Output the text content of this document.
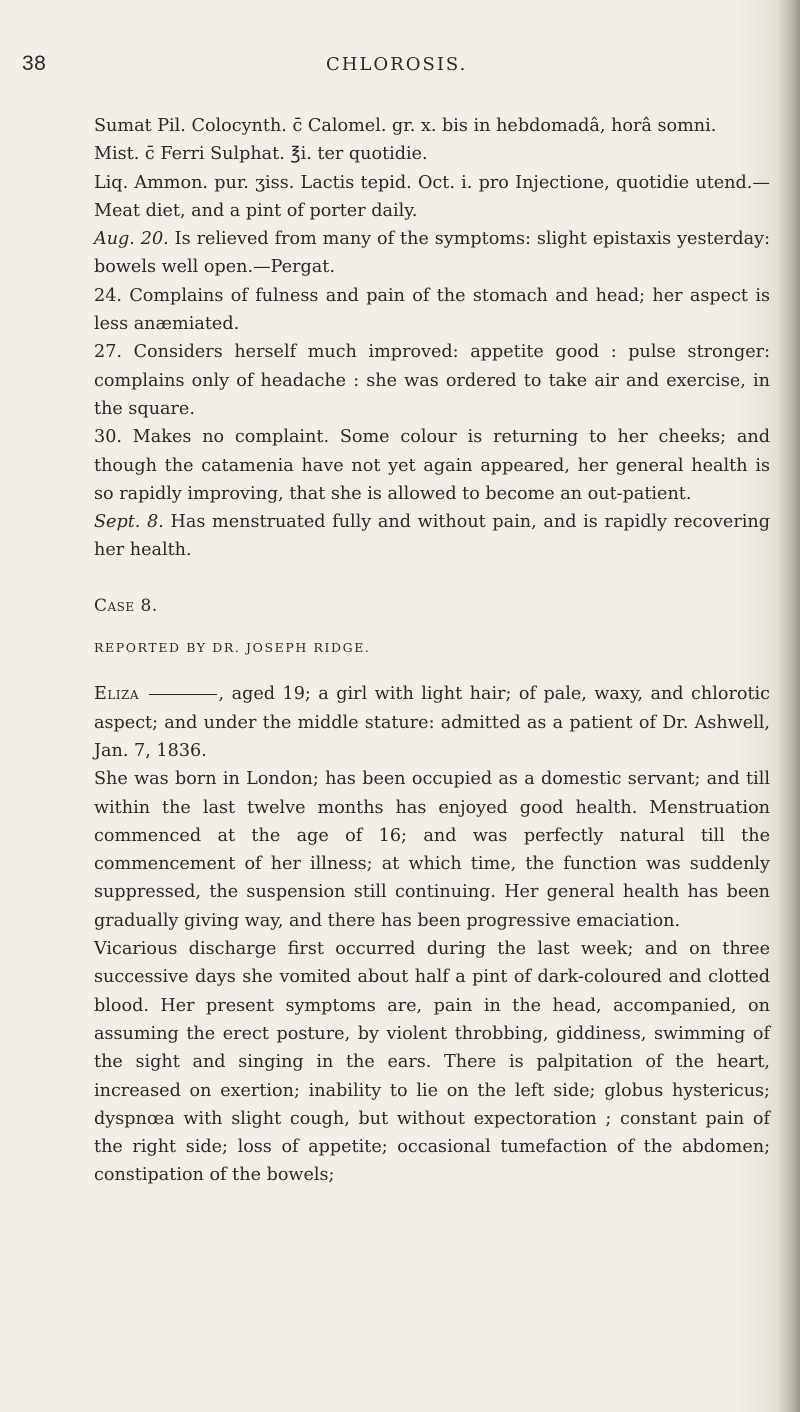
38	CHLOROSIS.

Sumat Pil. Colocynth. c̄ Calomel. gr. x. bis in hebdomadâ, horâ somni.

Mist. c̄ Ferri Sulphat. ℥i. ter quotidie.

Liq. Ammon. pur. ʒiss. Lactis tepid. Oct. i. pro Injectione, quotidie utend.—Meat diet, and a pint of porter daily.

Aug. 20. Is relieved from many of the symptoms: slight epistaxis yesterday: bowels well open.—Pergat.

24. Complains of fulness and pain of the stomach and head; her aspect is less anæmiated.

27. Considers herself much improved: appetite good : pulse stronger: complains only of headache : she was ordered to take air and exercise, in the square.

30. Makes no complaint. Some colour is returning to her cheeks; and though the catamenia have not yet again appeared, her general health is so rapidly improving, that she is allowed to become an out-patient.

Sept. 8. Has menstruated fully and without pain, and is rapidly recovering her health.

Case 8.

REPORTED BY DR. JOSEPH RIDGE.

Eliza	, aged 19; a girl with light hair; of pale, waxy, and chlorotic aspect; and under the middle stature: admitted as a patient of Dr. Ashwell, Jan. 7, 1836.

She was born in London; has been occupied as a domestic servant; and till within the last twelve months has enjoyed good health. Menstruation commenced at the age of 16; and was perfectly natural till the commencement of her illness; at which time, the function was suddenly suppressed, the suspension still continuing. Her general health has been gradually giving way, and there has been progressive emaciation.

Vicarious discharge first occurred during the last week; and on three successive days she vomited about half a pint of dark-coloured and clotted blood. Her present symptoms are, pain in the head, accompanied, on assuming the erect posture, by violent throbbing, giddiness, swimming of the sight and singing in the ears. There is palpitation of the heart, increased on exertion; inability to lie on the left side; globus hystericus; dyspnœa with slight cough, but without expectoration ; constant pain of the right side; loss of appetite; occasional tumefaction of the abdomen; constipation of the bowels;
